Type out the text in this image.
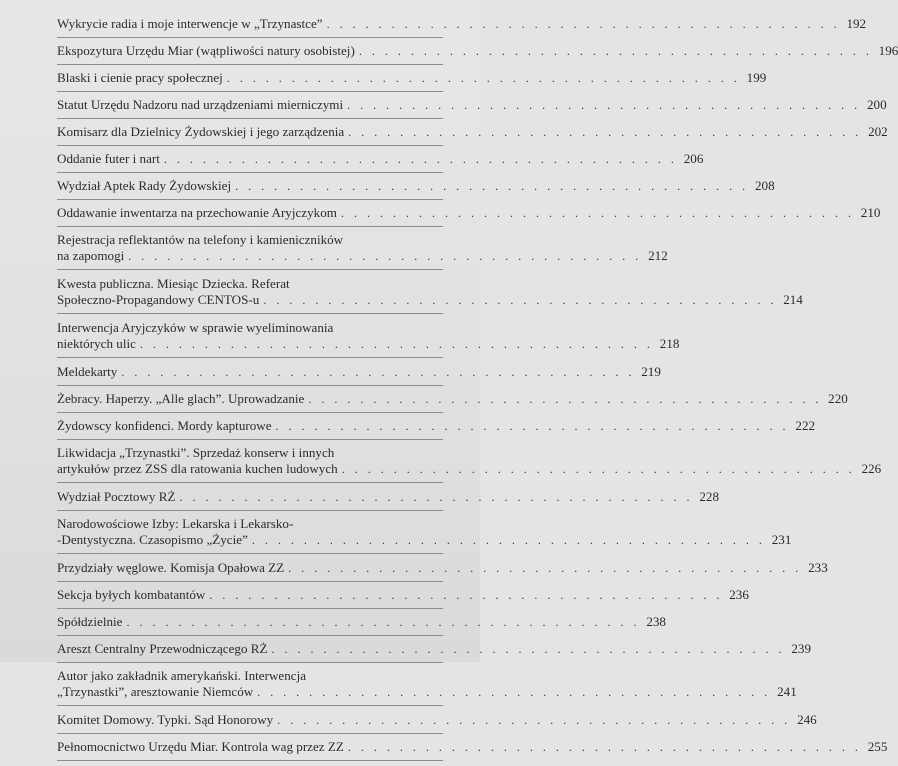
Wykrycie radia i moje interwencje w „Trzynastce” . . .	192
Ekspozytura Urzędu Miar (wątpliwości natury osobistej) . . .	196
Blaski i cienie pracy społecznej . . .	199
Statut Urzędu Nadzoru nad urządzeniami mierniczymi . . .	200
Komisarz dla Dzielnicy Żydowskiej i jego zarządzenia . . .	202
Oddanie futer i nart . . .	206
Wydział Aptek Rady Żydowskiej . . .	208
Oddawanie inwentarza na przechowanie Aryjczykom . . .	210
Rejestracja reflektantów na telefony i kamieniczników
na zapomogi . . .	212
Kwesta publiczna. Miesiąc Dziecka. Referat
Społeczno-Propagandowy CENTOS-u . . .	214
Interwencja Aryjczyków w sprawie wyeliminowania
niektórych ulic . . .	218
Meldekarty . . .	219
Żebracy. Haperzy. „Alle glach”. Uprowadzanie . . .	220
Żydowscy konfidenci. Mordy kapturowe . . .	222
Likwidacja „Trzynastki”. Sprzedaż konserw i innych
artykułów przez ZSS dla ratowania kuchen ludowych . . .	226
Wydział Pocztowy RŻ . . .	228
Narodowościowe Izby: Lekarska i Lekarsko-
-Dentystyczna. Czasopismo „Życie” . . .	231
Przydziały węglowe. Komisja Opałowa ZZ . . .	233
Sekcja byłych kombatantów . . .	236
Spółdzielnie . . .	238
Areszt Centralny Przewodniczącego RŻ . . .	239
Autor jako zakładnik amerykański. Interwencja
„Trzynastki”, aresztowanie Niemców . . .	241
Komitet Domowy. Typki. Sąd Honorowy . . .	246
Pełnomocnictwo Urzędu Miar. Kontrola wag przez ZZ . . .	255
